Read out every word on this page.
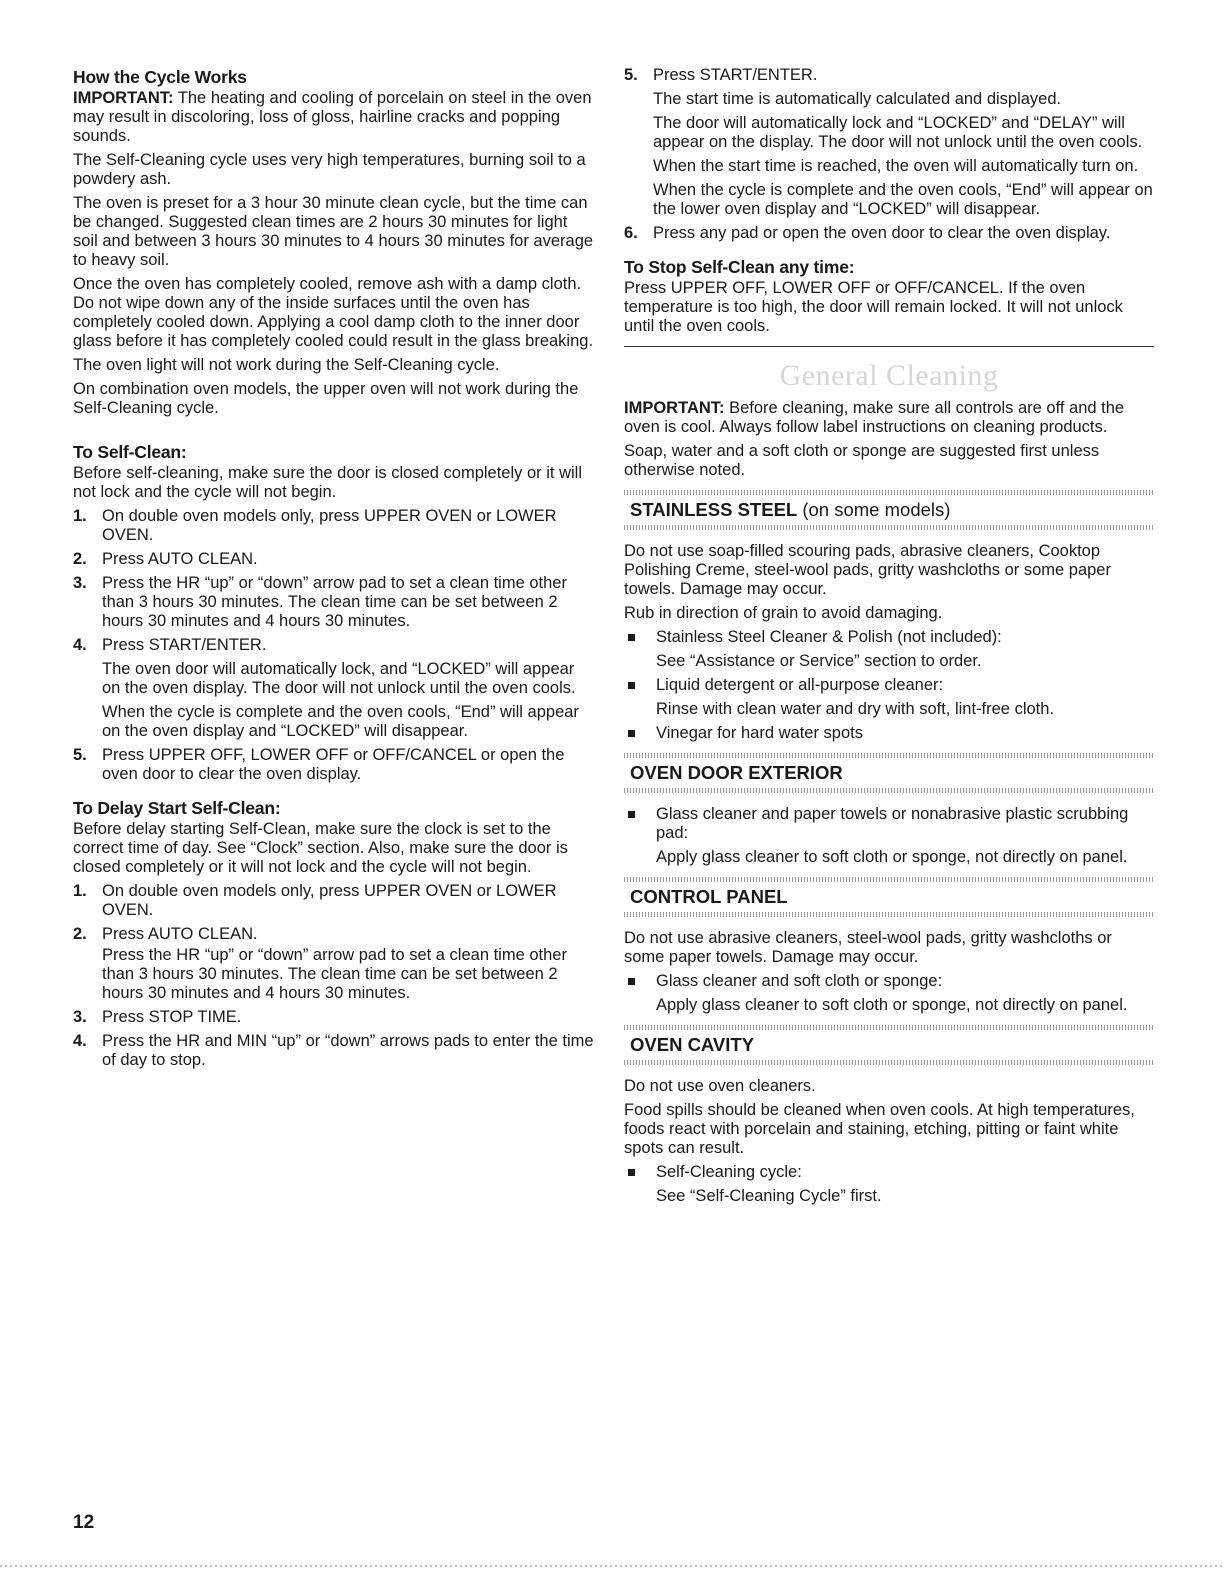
How the Cycle Works
IMPORTANT: The heating and cooling of porcelain on steel in the oven may result in discoloring, loss of gloss, hairline cracks and popping sounds.
The Self-Cleaning cycle uses very high temperatures, burning soil to a powdery ash.
The oven is preset for a 3 hour 30 minute clean cycle, but the time can be changed. Suggested clean times are 2 hours 30 minutes for light soil and between 3 hours 30 minutes to 4 hours 30 minutes for average to heavy soil.
Once the oven has completely cooled, remove ash with a damp cloth. Do not wipe down any of the inside surfaces until the oven has completely cooled down. Applying a cool damp cloth to the inner door glass before it has completely cooled could result in the glass breaking.
The oven light will not work during the Self-Cleaning cycle.
On combination oven models, the upper oven will not work during the Self-Cleaning cycle.
To Self-Clean:
Before self-cleaning, make sure the door is closed completely or it will not lock and the cycle will not begin.
1. On double oven models only, press UPPER OVEN or LOWER OVEN.
2. Press AUTO CLEAN.
3. Press the HR “up” or “down” arrow pad to set a clean time other than 3 hours 30 minutes. The clean time can be set between 2 hours 30 minutes and 4 hours 30 minutes.
4. Press START/ENTER.
The oven door will automatically lock, and “LOCKED” will appear on the oven display. The door will not unlock until the oven cools.
When the cycle is complete and the oven cools, “End” will appear on the oven display and “LOCKED” will disappear.
5. Press UPPER OFF, LOWER OFF or OFF/CANCEL or open the oven door to clear the oven display.
To Delay Start Self-Clean:
Before delay starting Self-Clean, make sure the clock is set to the correct time of day. See “Clock” section. Also, make sure the door is closed completely or it will not lock and the cycle will not begin.
1. On double oven models only, press UPPER OVEN or LOWER OVEN.
2. Press AUTO CLEAN.
Press the HR “up” or “down” arrow pad to set a clean time other than 3 hours 30 minutes. The clean time can be set between 2 hours 30 minutes and 4 hours 30 minutes.
3. Press STOP TIME.
4. Press the HR and MIN “up” or “down” arrows pads to enter the time of day to stop.
5. Press START/ENTER.
The start time is automatically calculated and displayed.
The door will automatically lock and “LOCKED” and “DELAY” will appear on the display. The door will not unlock until the oven cools.
When the start time is reached, the oven will automatically turn on.
When the cycle is complete and the oven cools, “End” will appear on the lower oven display and “LOCKED” will disappear.
6. Press any pad or open the oven door to clear the oven display.
To Stop Self-Clean any time:
Press UPPER OFF, LOWER OFF or OFF/CANCEL. If the oven temperature is too high, the door will remain locked. It will not unlock until the oven cools.
General Cleaning
IMPORTANT: Before cleaning, make sure all controls are off and the oven is cool. Always follow label instructions on cleaning products.
Soap, water and a soft cloth or sponge are suggested first unless otherwise noted.
STAINLESS STEEL (on some models)
Do not use soap-filled scouring pads, abrasive cleaners, Cooktop Polishing Creme, steel-wool pads, gritty washcloths or some paper towels. Damage may occur.
Rub in direction of grain to avoid damaging.
Stainless Steel Cleaner & Polish (not included):
See “Assistance or Service” section to order.
Liquid detergent or all-purpose cleaner:
Rinse with clean water and dry with soft, lint-free cloth.
Vinegar for hard water spots
OVEN DOOR EXTERIOR
Glass cleaner and paper towels or nonabrasive plastic scrubbing pad:
Apply glass cleaner to soft cloth or sponge, not directly on panel.
CONTROL PANEL
Do not use abrasive cleaners, steel-wool pads, gritty washcloths or some paper towels. Damage may occur.
Glass cleaner and soft cloth or sponge:
Apply glass cleaner to soft cloth or sponge, not directly on panel.
OVEN CAVITY
Do not use oven cleaners.
Food spills should be cleaned when oven cools. At high temperatures, foods react with porcelain and staining, etching, pitting or faint white spots can result.
Self-Cleaning cycle:
See “Self-Cleaning Cycle” first.
12
